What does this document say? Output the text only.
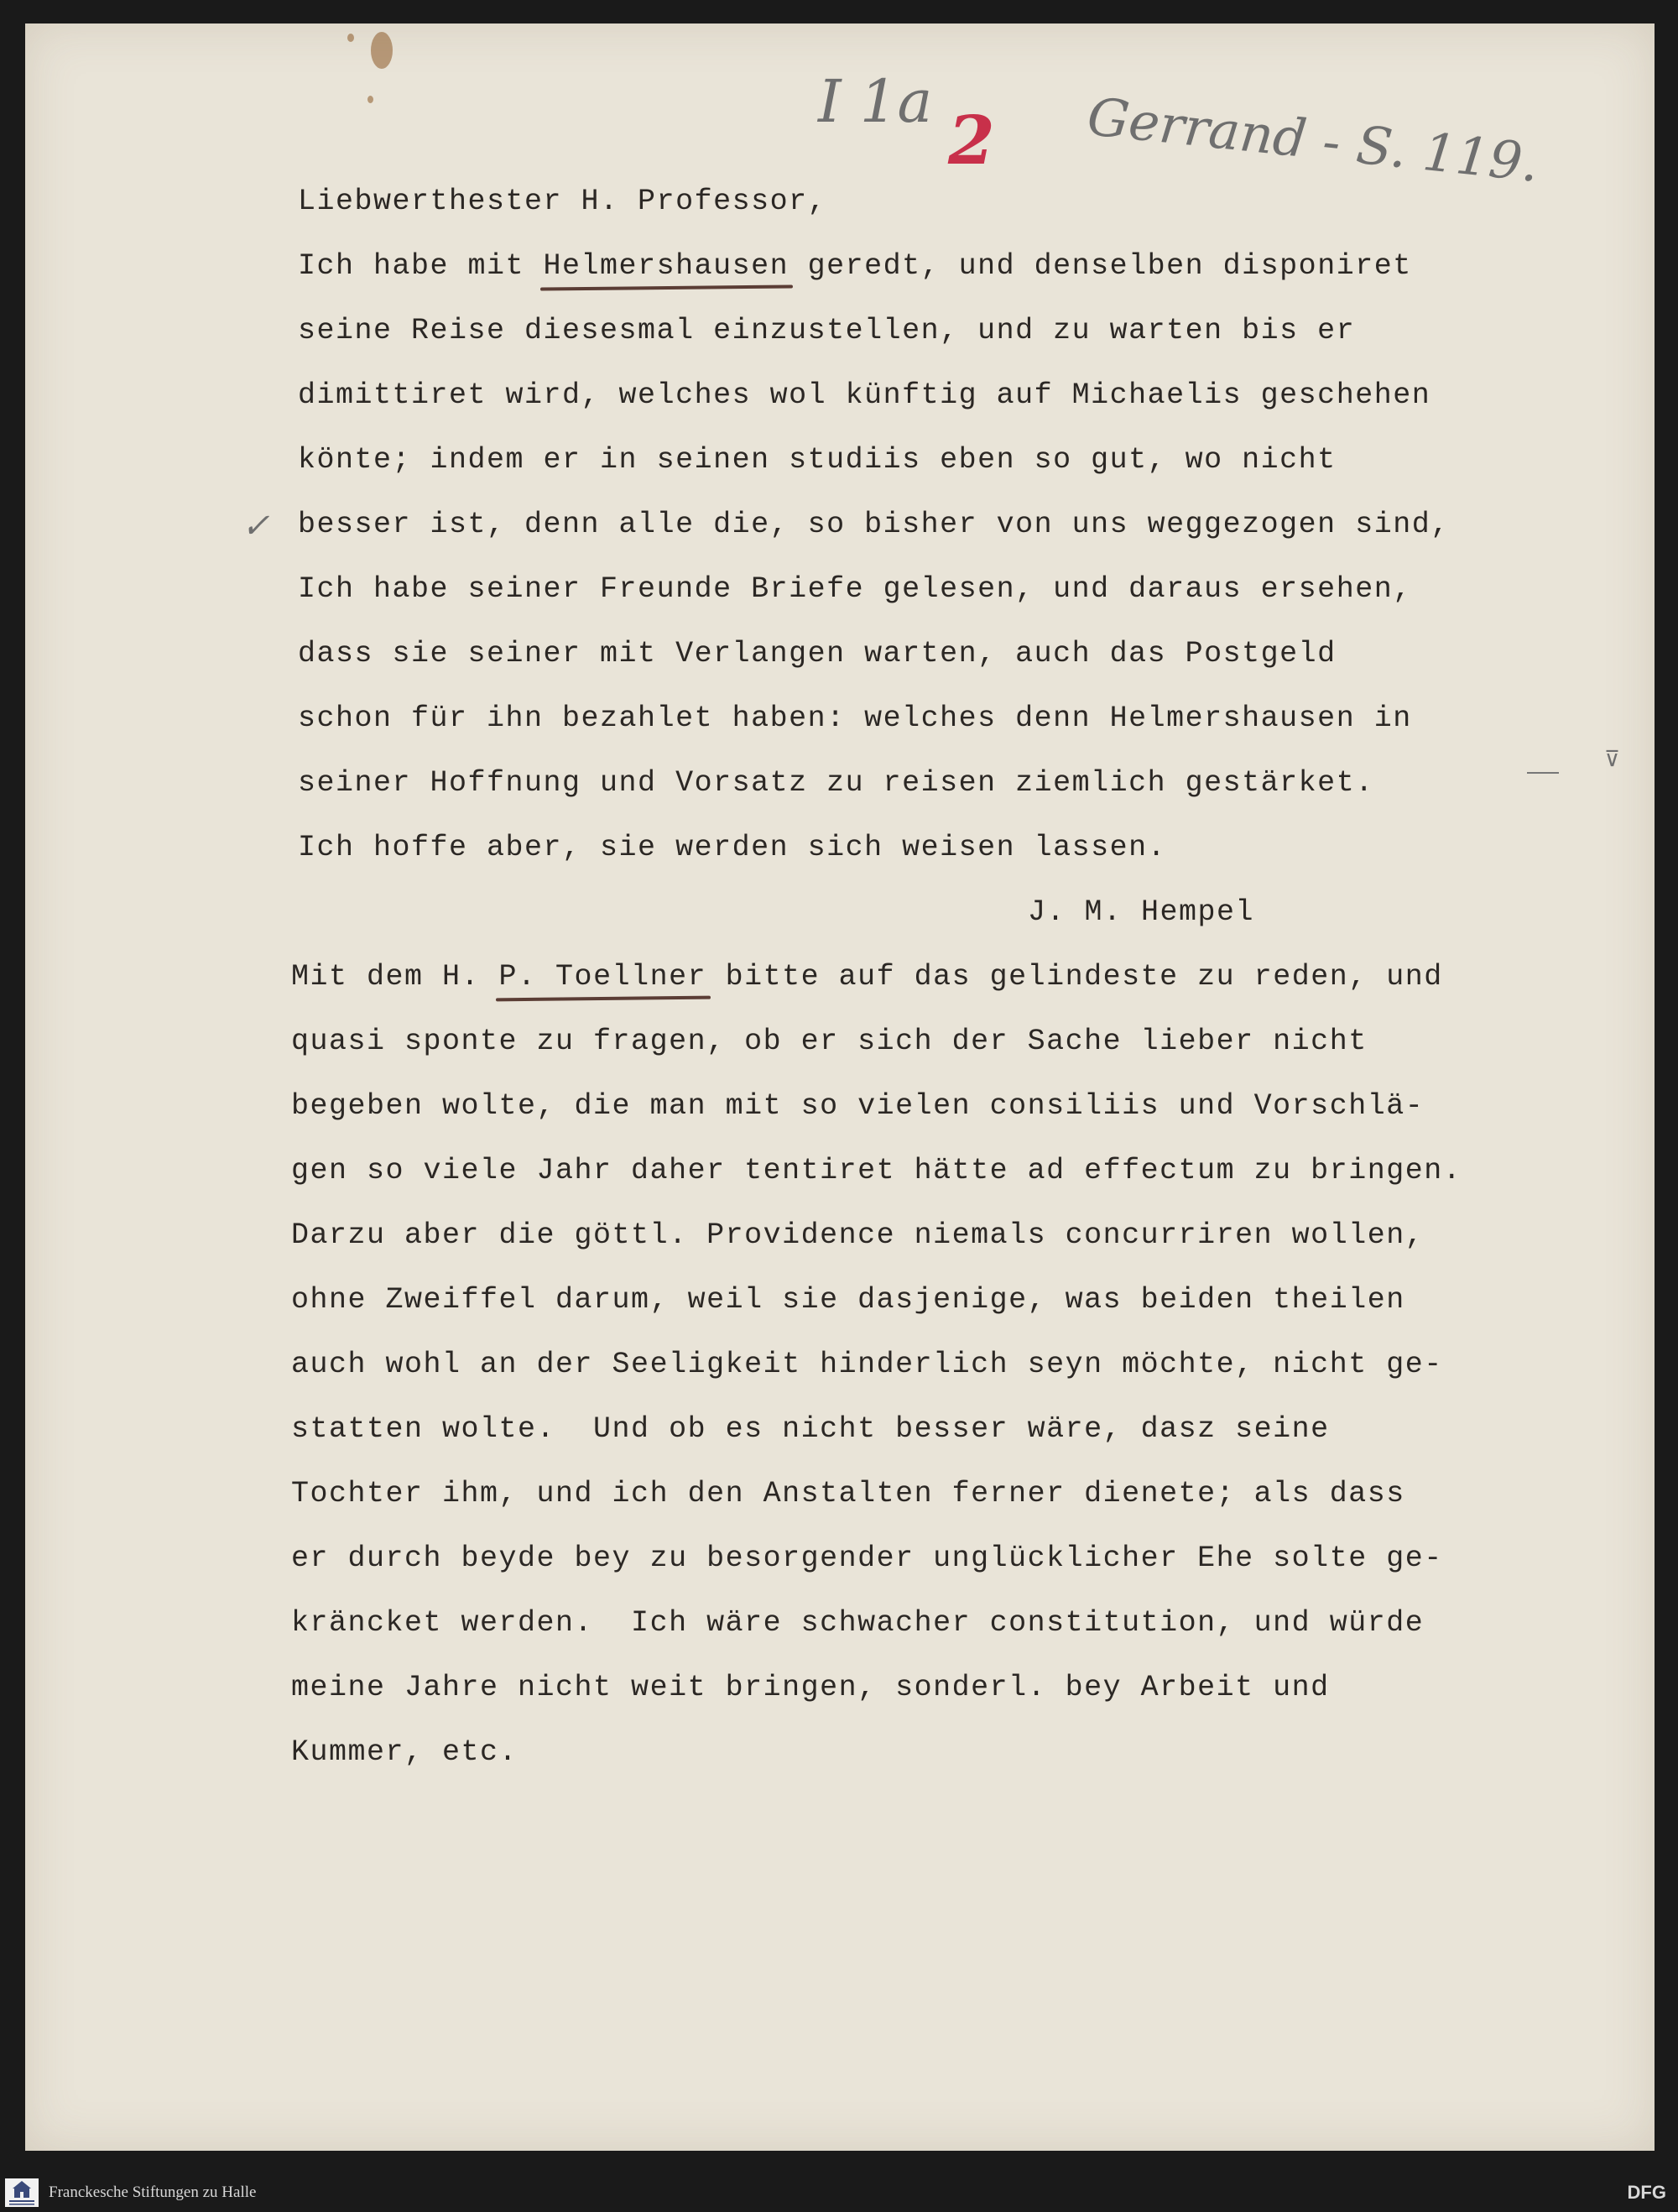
I 1a 2 Gerrand - S. 119.
✓
⊽
Liebwerthester H. Professor,
Ich habe mit Helmershausen geredt, und denselben disponiret
seine Reise diesesmal einzustellen, und zu warten bis er
dimittiret wird, welches wol künftig auf Michaelis geschehen
könte; indem er in seinen studiis eben so gut, wo nicht
besser ist, denn alle die, so bisher von uns weggezogen sind,
Ich habe seiner Freunde Briefe gelesen, und daraus ersehen,
dass sie seiner mit Verlangen warten, auch das Postgeld
schon für ihn bezahlet haben: welches denn Helmershausen in
seiner Hoffnung und Vorsatz zu reisen ziemlich gestärket.
Ich hoffe aber, sie werden sich weisen lassen.
J. M. Hempel
Mit dem H. P. Toellner bitte auf das gelindeste zu reden, und
quasi sponte zu fragen, ob er sich der Sache lieber nicht
begeben wolte, die man mit so vielen consiliis und Vorschlä-
gen so viele Jahr daher tentiret hätte ad effectum zu bringen.
Darzu aber die göttl. Providence niemals concurriren wollen,
ohne Zweiffel darum, weil sie dasjenige, was beiden theilen
auch wohl an der Seeligkeit hinderlich seyn möchte, nicht ge-
statten wolte.  Und ob es nicht besser wäre, dasz seine
Tochter ihm, und ich den Anstalten ferner dienete; als dass
er durch beyde bey zu besorgender unglücklicher Ehe solte ge-
kräncket werden.  Ich wäre schwacher constitution, und würde
meine Jahre nicht weit bringen, sonderl. bey Arbeit und
Kummer, etc.
Franckesche Stiftungen zu Halle	DFG
